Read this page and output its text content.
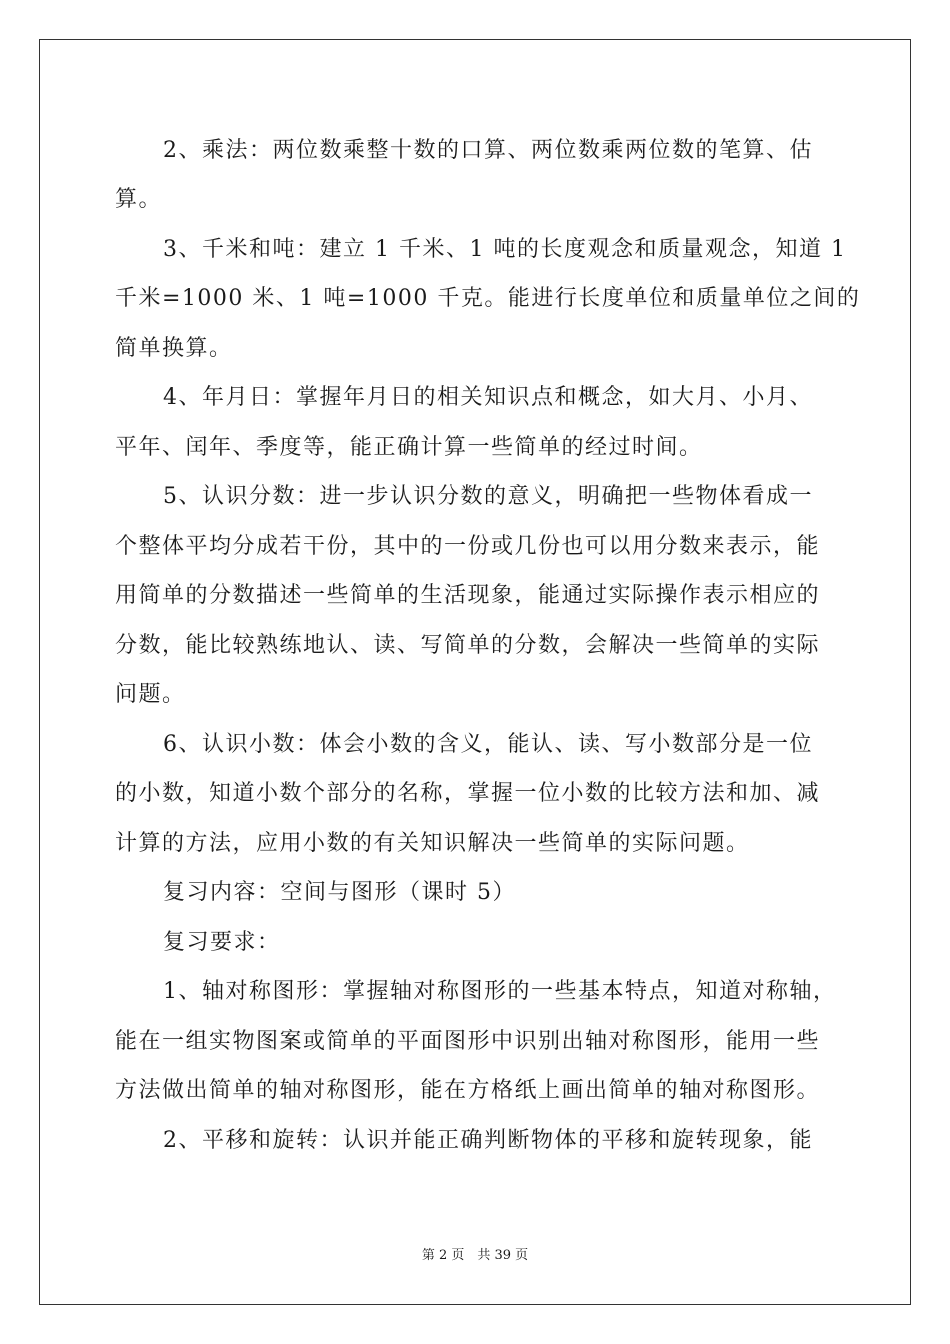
2、乘法：两位数乘整十数的口算、两位数乘两位数的笔算、估
算。
3、千米和吨：建立 1 千米、1 吨的长度观念和质量观念，知道 1
千米=1000 米、1 吨=1000 千克。能进行长度单位和质量单位之间的
简单换算。
4、年月日：掌握年月日的相关知识点和概念，如大月、小月、
平年、闰年、季度等，能正确计算一些简单的经过时间。
5、认识分数：进一步认识分数的意义，明确把一些物体看成一
个整体平均分成若干份，其中的一份或几份也可以用分数来表示，能
用简单的分数描述一些简单的生活现象，能通过实际操作表示相应的
分数，能比较熟练地认、读、写简单的分数，会解决一些简单的实际
问题。
6、认识小数：体会小数的含义，能认、读、写小数部分是一位
的小数，知道小数个部分的名称，掌握一位小数的比较方法和加、减
计算的方法，应用小数的有关知识解决一些简单的实际问题。
复习内容：空间与图形（课时 5）
复习要求：
1、轴对称图形：掌握轴对称图形的一些基本特点，知道对称轴，
能在一组实物图案或简单的平面图形中识别出轴对称图形，能用一些
方法做出简单的轴对称图形，能在方格纸上画出简单的轴对称图形。
2、平移和旋转：认识并能正确判断物体的平移和旋转现象，能
第 2 页　共 39 页
